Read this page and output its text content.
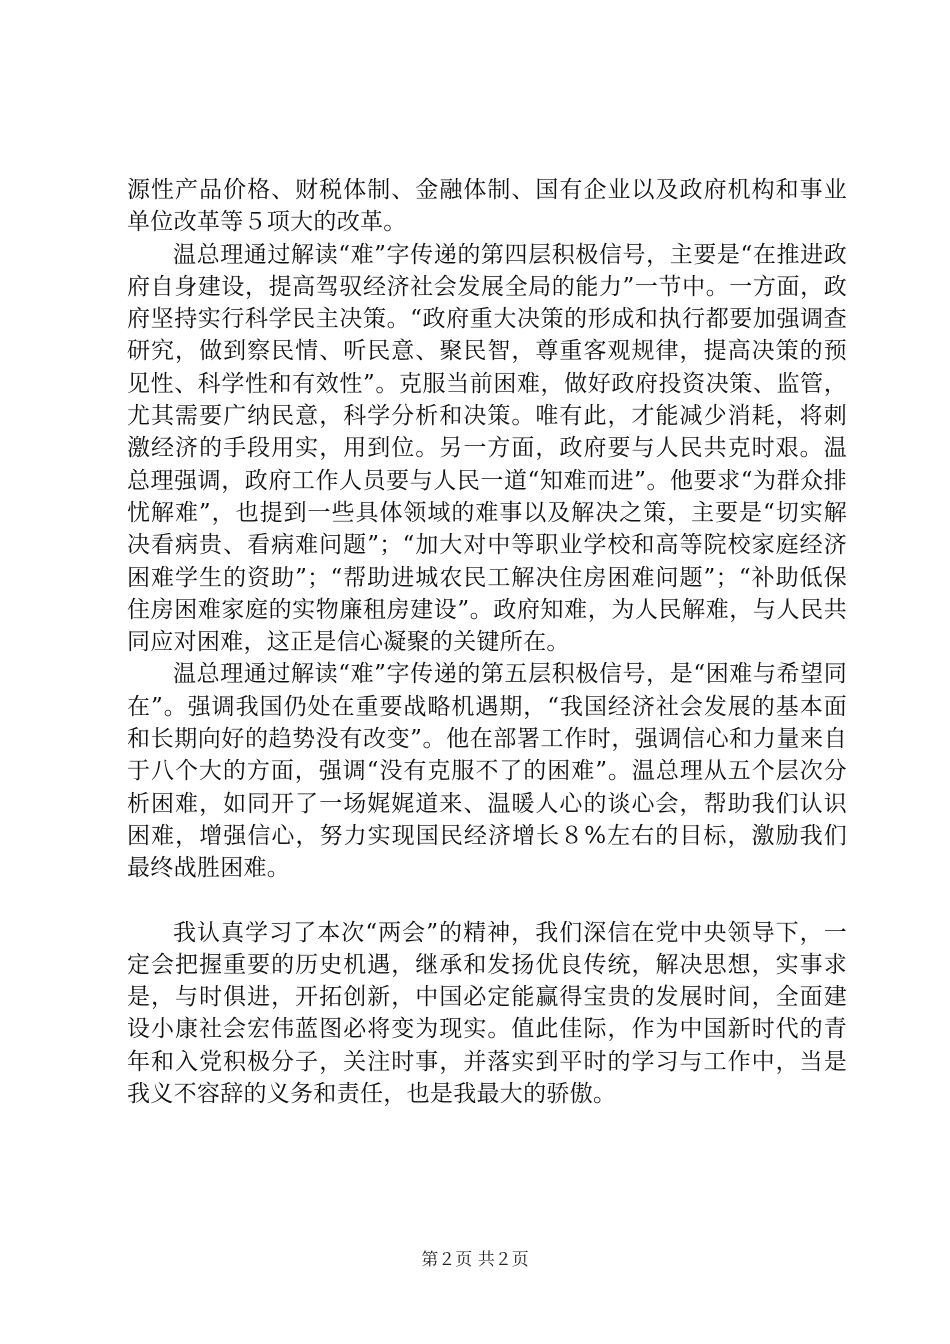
源性产品价格、财税体制、金融体制、国有企业以及政府机构和事业单位改革等５项大的改革。

温总理通过解读“难”字传递的第四层积极信号，主要是“在推进政府自身建设，提高驾驭经济社会发展全局的能力”一节中。一方面，政府坚持实行科学民主决策。“政府重大决策的形成和执行都要加强调查研究，做到察民情、听民意、聚民智，尊重客观规律，提高决策的预见性、科学性和有效性”。克服当前困难，做好政府投资决策、监管，尤其需要广纳民意，科学分析和决策。唯有此，才能减少消耗，将刺激经济的手段用实，用到位。另一方面，政府要与人民共克时艰。温总理强调，政府工作人员要与人民一道“知难而进”。他要求“为群众排忧解难”，也提到一些具体领域的难事以及解决之策，主要是“切实解决看病贵、看病难问题”；“加大对中等职业学校和高等院校家庭经济困难学生的资助”；“帮助进城农民工解决住房困难问题”；“补助低保住房困难家庭的实物廉租房建设”。政府知难，为人民解难，与人民共同应对困难，这正是信心凝聚的关键所在。

温总理通过解读“难”字传递的第五层积极信号，是“困难与希望同在”。强调我国仍处在重要战略机遇期，“我国经济社会发展的基本面和长期向好的趋势没有改变”。他在部署工作时，强调信心和力量来自于八个大的方面，强调“没有克服不了的困难”。温总理从五个层次分析困难，如同开了一场娓娓道来、温暖人心的谈心会，帮助我们认识困难，增强信心，努力实现国民经济增长８%左右的目标，激励我们最终战胜困难。

我认真学习了本次“两会”的精神，我们深信在党中央领导下，一定会把握重要的历史机遇，继承和发扬优良传统，解决思想，实事求是，与时俱进，开拓创新，中国必定能赢得宝贵的发展时间，全面建设小康社会宏伟蓝图必将变为现实。值此佳际，作为中国新时代的青年和入党积极分子，关注时事，并落实到平时的学习与工作中，当是我义不容辞的义务和责任，也是我最大的骄傲。

第２页 共２页
